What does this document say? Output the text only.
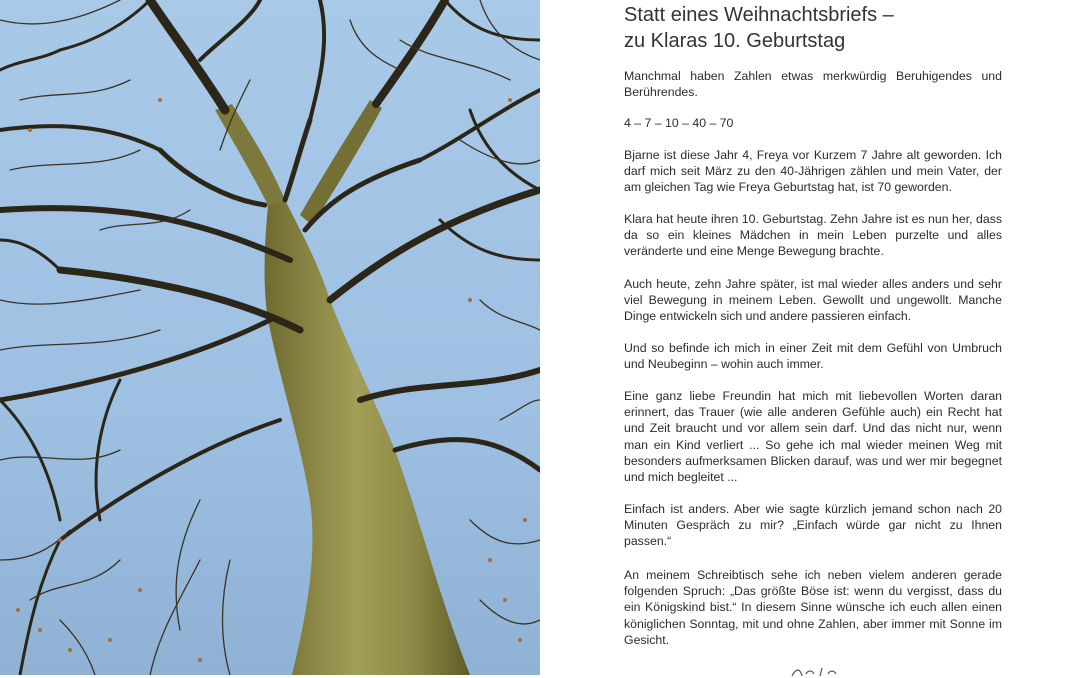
Statt eines Weihnachtsbriefs –
zu Klaras 10. Geburtstag

Manchmal haben Zahlen etwas merkwürdig Beruhigendes und Berührendes.

4 – 7 – 10 – 40 – 70

Bjarne ist diese Jahr 4, Freya vor Kurzem 7 Jahre alt geworden. Ich darf mich seit März zu den 40-Jährigen zählen und mein Vater, der am gleichen Tag wie Freya Geburtstag hat, ist 70 geworden.

Klara hat heute ihren 10. Geburtstag. Zehn Jahre ist es nun her, dass da so ein kleines Mädchen in mein Leben purzelte und alles veränderte und eine Menge Bewegung brachte.

Auch heute, zehn Jahre später, ist mal wieder alles anders und sehr viel Bewegung in meinem Leben. Gewollt und ungewollt. Manche Dinge entwickeln sich und andere passieren einfach.

Und so befinde ich mich in einer Zeit mit dem Gefühl von Umbruch und Neubeginn – wohin auch immer.

Eine ganz liebe Freundin hat mich mit liebevollen Worten daran erinnert, das Trauer (wie alle anderen Gefühle auch) ein Recht hat und Zeit braucht und vor allem sein darf. Und das nicht nur, wenn man ein Kind verliert ... So gehe ich mal wieder meinen Weg mit besonders aufmerksamen Blicken darauf, was und wer mir begegnet und mich begleitet ...

Einfach ist anders. Aber wie sagte kürzlich jemand schon nach 20 Minuten Gespräch zu mir? „Einfach würde gar nicht zu Ihnen passen.“

An meinem Schreibtisch sehe ich neben vielem anderen gerade folgenden Spruch: „Das größte Böse ist: wenn du vergisst, dass du ein Königskind bist.“ In diesem Sinne wünsche ich euch allen einen königlichen Sonntag, mit und ohne Zahlen, aber immer mit Sonne im Gesicht.
